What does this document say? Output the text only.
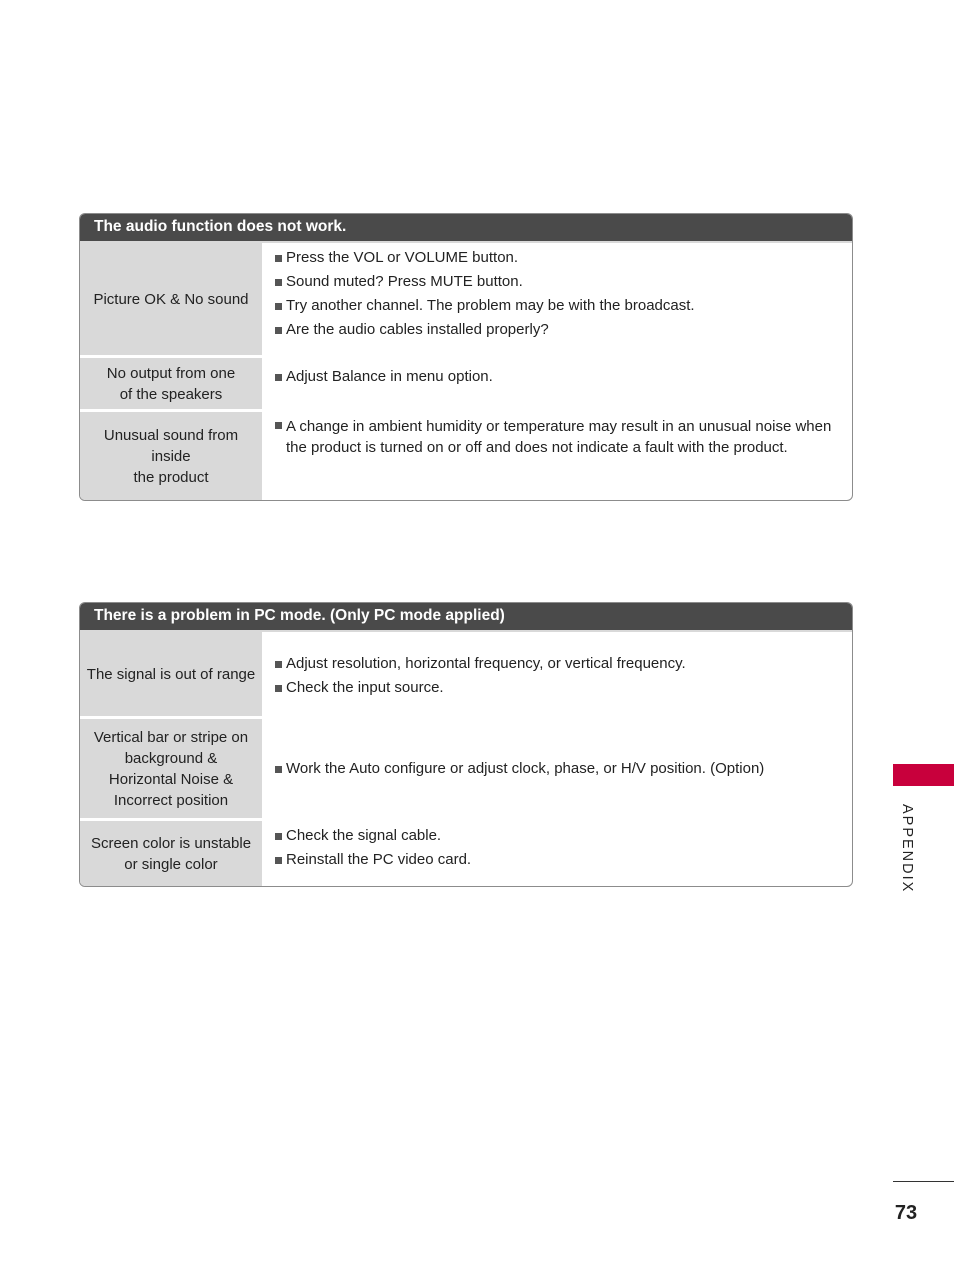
The audio function does not work.
Picture OK & No sound
Press the VOL or VOLUME button.
Sound muted? Press MUTE button.
Try another channel. The problem may be with the broadcast.
Are the audio cables installed properly?
No output from one
of the speakers
Adjust Balance in menu option.
Unusual sound from
inside
the product
A change in ambient humidity or temperature may result in an unusual noise when the product is turned on or off and does not indicate a fault with the product.
There is a problem in PC mode. (Only PC mode applied)
The signal is out of range
Adjust resolution, horizontal frequency, or vertical frequency.
Check the input source.
Vertical bar or stripe on
background &
Horizontal Noise &
Incorrect position
Work the Auto configure or adjust clock, phase, or H/V position. (Option)
Screen color is unstable
or single color
Check the signal cable.
Reinstall the PC video card.	APPENDIX
73
